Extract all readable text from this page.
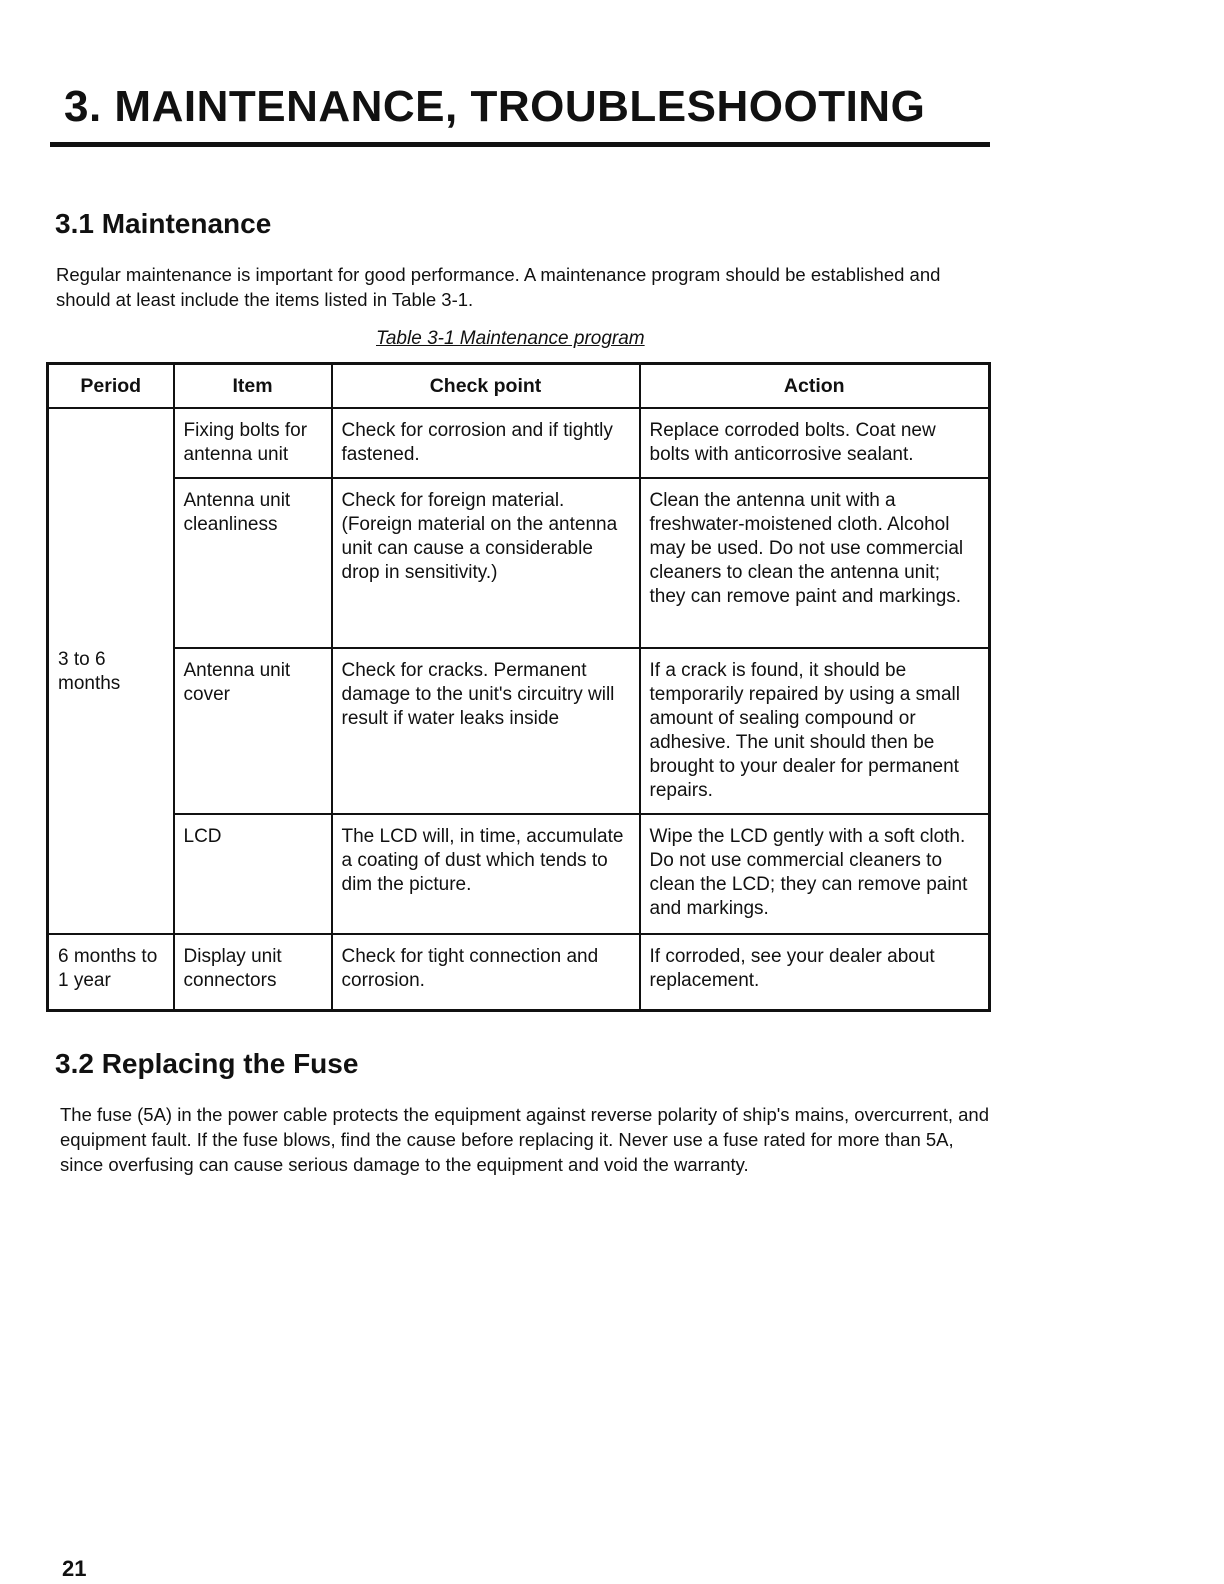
3. MAINTENANCE, TROUBLESHOOTING
3.1 Maintenance

Regular maintenance is important for good performance. A maintenance program should be established and should at least include the items listed in Table 3-1.

Table 3-1 Maintenance program
Period	Item	Check point	Action
3 to 6 months	Fixing bolts for antenna unit	Check for corrosion and if tightly fastened.	Replace corroded bolts. Coat new bolts with anticorrosive sealant.
	Antenna unit cleanliness	Check for foreign material. (Foreign material on the antenna unit can cause a considerable drop in sensitivity.)	Clean the antenna unit with a freshwater-moistened cloth. Alcohol may be used. Do not use commercial cleaners to clean the antenna unit; they can remove paint and markings.
	Antenna unit cover	Check for cracks. Permanent damage to the unit's circuitry will result if water leaks inside	If a crack is found, it should be temporarily repaired by using a small amount of sealing compound or adhesive. The unit should then be brought to your dealer for permanent repairs.
	LCD	The LCD will, in time, accumulate a coating of dust which tends to dim the picture.	Wipe the LCD gently with a soft cloth. Do not use commercial cleaners to clean the LCD; they can remove paint and markings.
6 months to 1 year	Display unit connectors	Check for tight connection and corrosion.	If corroded, see your dealer about replacement.
3.2 Replacing the Fuse

The fuse (5A) in the power cable protects the equipment against reverse polarity of ship's mains, overcurrent, and equipment fault. If the fuse blows, find the cause before replacing it. Never use a fuse rated for more than 5A, since overfusing can cause serious damage to the equipment and void the warranty.

21
